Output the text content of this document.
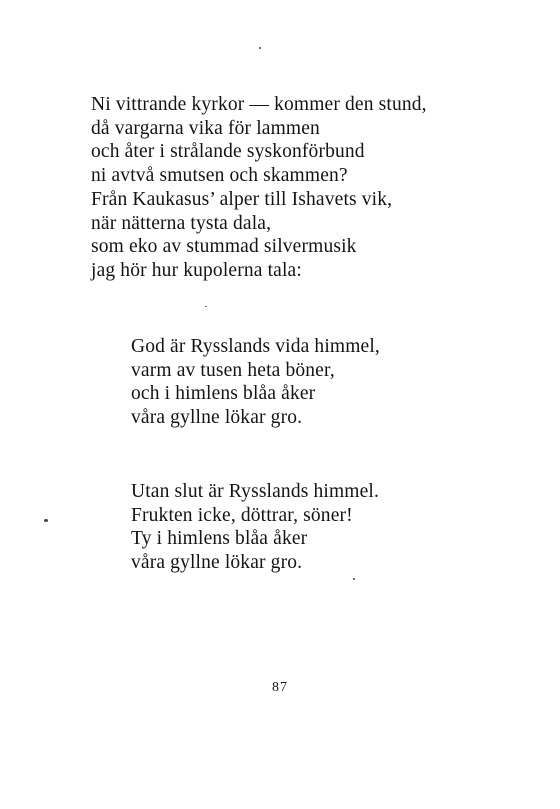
Ni vittrande kyrkor — kommer den stund,
då vargarna vika för lammen
och åter i strålande syskonförbund
ni avtvå smutsen och skammen?
Från Kaukasus’ alper till Ishavets vik,
när nätterna tysta dala,
som eko av stummad silvermusik
jag hör hur kupolerna tala:
God är Rysslands vida himmel,
varm av tusen heta böner,
och i himlens blåa åker
våra gyllne lökar gro.
Utan slut är Rysslands himmel.
Frukten icke, döttrar, söner!
Ty i himlens blåa åker
våra gyllne lökar gro.
87
